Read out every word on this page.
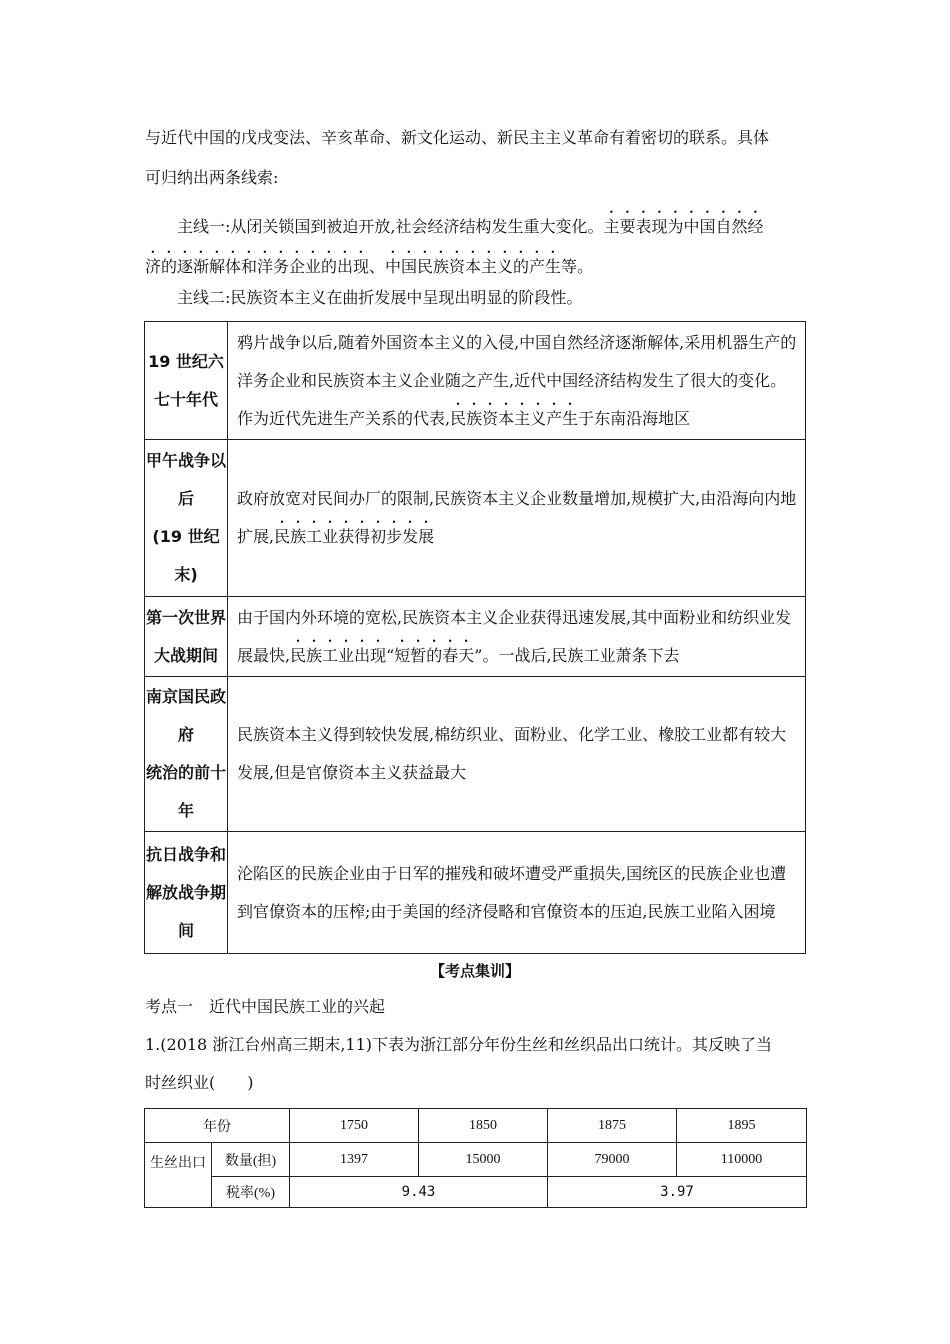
与近代中国的戊戌变法、辛亥革命、新文化运动、新民主主义革命有着密切的联系。具体
可归纳出两条线索:
主线一:从闭关锁国到被迫开放,社会经济结构发生重大变化。主要表现为中国自然经
济的逐渐解体和洋务企业的出现、中国民族资本主义的产生等。
主线二:民族资本主义在曲折发展中呈现出明显的阶段性。
19 世纪六
七十年代	鸦片战争以后,随着外国资本主义的入侵,中国自然经济逐渐解体,采用机器生产的洋务企业和民族资本主义企业随之产生,近代中国经济结构发生了很大的变化。作为近代先进生产关系的代表,民族资本主义产生于东南沿海地区

甲午战争以
后
(19 世纪
末)	政府放宽对民间办厂的限制,民族资本主义企业数量增加,规模扩大,由沿海向内地扩展,民族工业获得初步发展

第一次世界
大战期间	由于国内外环境的宽松,民族资本主义企业获得迅速发展,其中面粉业和纺织业发展最快,民族工业出现“短暂的春天”。一战后,民族工业萧条下去

南京国民政
府
统治的前十
年	民族资本主义得到较快发展,棉纺织业、面粉业、化学工业、橡胶工业都有较大发展,但是官僚资本主义获益最大

抗日战争和
解放战争期
间	沦陷区的民族企业由于日军的摧残和破坏遭受严重损失,国统区的民族企业也遭到官僚资本的压榨;由于美国的经济侵略和官僚资本的压迫,民族工业陷入困境
【考点集训】
考点一　近代中国民族工业的兴起
1.(2018 浙江台州高三期末,11)下表为浙江部分年份生丝和丝织品出口统计。其反映了当
时丝织业(　　)
年份		1750	1850	1875	1895
生丝出口	数量(担)	1397	15000	79000	110000
	税率(%)	9.43		3.97	
